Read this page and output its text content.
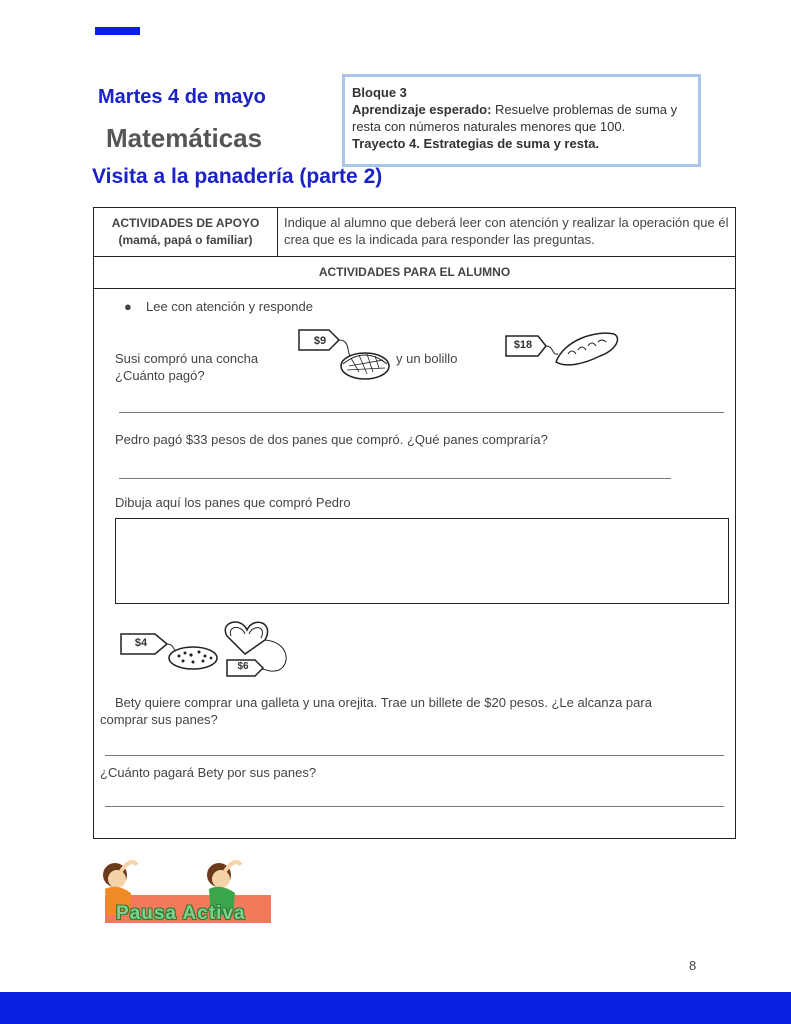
Martes 4 de mayo
Matemáticas
Visita a la panadería (parte 2)
Bloque 3
Aprendizaje esperado: Resuelve problemas de suma y resta con números naturales menores que 100.
Trayecto 4. Estrategias de suma y resta.
ACTIVIDADES DE APOYO
(mamá, papá o familiar)
Indique al alumno que deberá leer con atención y realizar la operación que él crea que es la indicada para responder las preguntas.
ACTIVIDADES PARA EL ALUMNO
● Lee con atención y responde
Susi compró una concha
¿Cuánto pagó?
$9
y un bolillo
$18
Pedro pagó $33 pesos de dos panes que compró. ¿Qué panes compraría?
Dibuja aquí los panes que compró Pedro
$4
$6
Bety quiere comprar una galleta y una orejita. Trae un billete de $20 pesos. ¿Le alcanza para
comprar sus panes?
¿Cuánto pagará Bety por sus panes?
Pausa Activa
8
